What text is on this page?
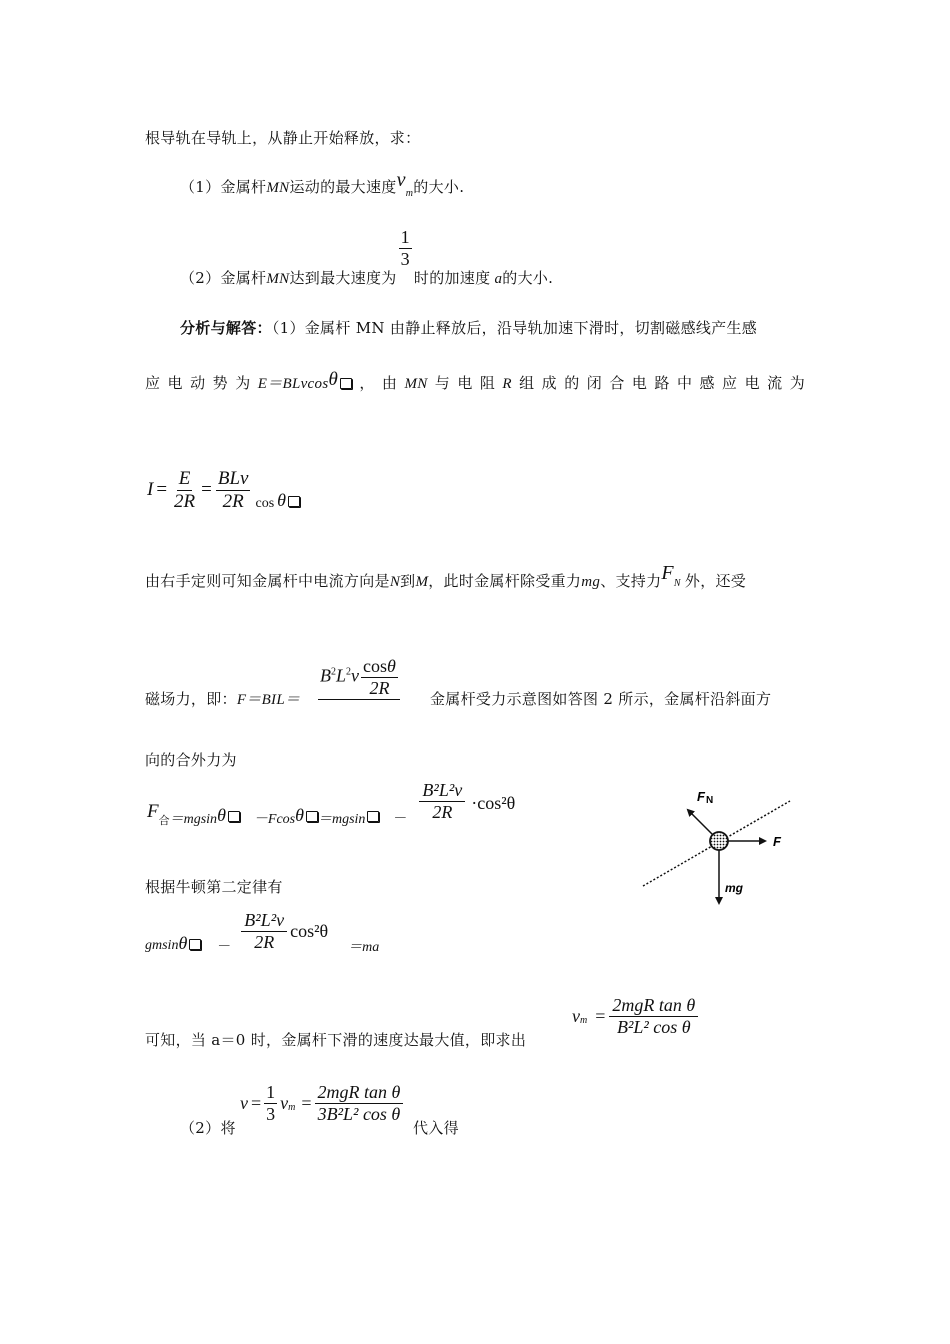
根导轨在导轨上，从静止开始释放，求：
（1）金属杆MN运动的最大速度$v_m$的大小.
（2）金属杆MN达到最大速度为
$\frac{1}{3}$
时的加速度 a的大小.
分析与解答：（1）金属杆 MN 由静止释放后，沿导轨加速下滑时，切割磁感线产生感
应 电 动 势 为 E＝BLvcosθ	， 由 MN 与 电 阻 R 组 成 的 闭 合 电 路 中 感 应 电 流 为
$I = \frac{E}{2R} = \frac{\text{BLv}}{2R}$ cos θ
由右手定则可知金属杆中电流方向是N到M，此时金属杆除受重力mg、支持力$F_N$ 外，还受
磁场力，即：F＝BIL＝
$B^2L^2v \frac{\cos\theta}{2R}$ 金属杆受力示意图如答图 2 所示，金属杆沿斜面方
向的合外力为
F 合 ＝mgsin θ －Fcos $\theta =mgsin - \frac{\text{B²L²v}}{2R} \cdot\cos^2\theta$
根据牛顿第二定律有
gmsin $\theta - \frac{\text{B²L²v}}{2R} \cos^2\theta$
＝ma
可知，当 a＝0 时，金属杆下滑的速度达最大值，即求出
$v_m$ =
2mgR tan θ
B²L² cos θ
（2）将
$v = \frac{1}{3} v_m$ =
2mgR tan θ
3B²L² cos θ
代入得
F N
F
mg
